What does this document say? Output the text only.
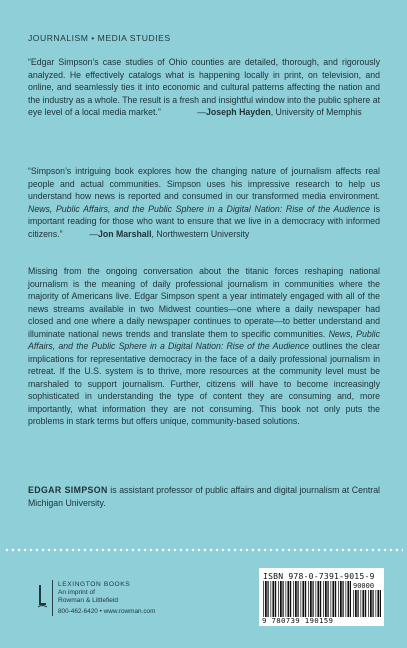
JOURNALISM • MEDIA STUDIES

“Edgar Simpson’s case studies of Ohio counties are detailed, thorough, and rigorously analyzed. He effectively catalogs what is happening locally in print, on television, and online, and seamlessly ties it into economic and cultural patterns affecting the nation and the industry as a whole. The result is a fresh and insightful window into the public sphere at eye level of a local media market.”	—Joseph Hayden, University of Memphis

“Simpson’s intriguing book explores how the changing nature of journalism affects real people and actual communities. Simpson uses his impressive research to help us understand how news is reported and consumed in our transformed media environment. News, Public Affairs, and the Public Sphere in a Digital Nation: Rise of the Audience is important reading for those who want to ensure that we live in a democracy with informed citizens.”	—Jon Marshall, Northwestern University

Missing from the ongoing conversation about the titanic forces reshaping national journalism is the meaning of daily professional journalism in communities where the majority of Americans live. Edgar Simpson spent a year intimately engaged with all of the news streams available in two Midwest counties—one where a daily newspaper had closed and one where a daily newspaper continues to operate—to better understand and illuminate national news trends and translate them to specific communities. News, Public Affairs, and the Public Sphere in a Digital Nation: Rise of the Audience outlines the clear implications for representative democracy in the face of a daily professional journalism in retreat. If the U.S. system is to thrive, more resources at the community level must be marshaled to support journalism. Further, citizens will have to become increasingly sophisticated in understanding the type of content they are consuming and, more importantly, what information they are not consuming. This book not only puts the problems in stark terms but offers unique, community-based solutions.

EDGAR SIMPSON is assistant professor of public affairs and digital journalism at Central Michigan University.

LEXINGTON BOOKS
An imprint of
Rowman & Littlefield
800-462-6420 • www.rowman.com
ISBN 978-0-7391-9015-9
90000
9 780739 190159
